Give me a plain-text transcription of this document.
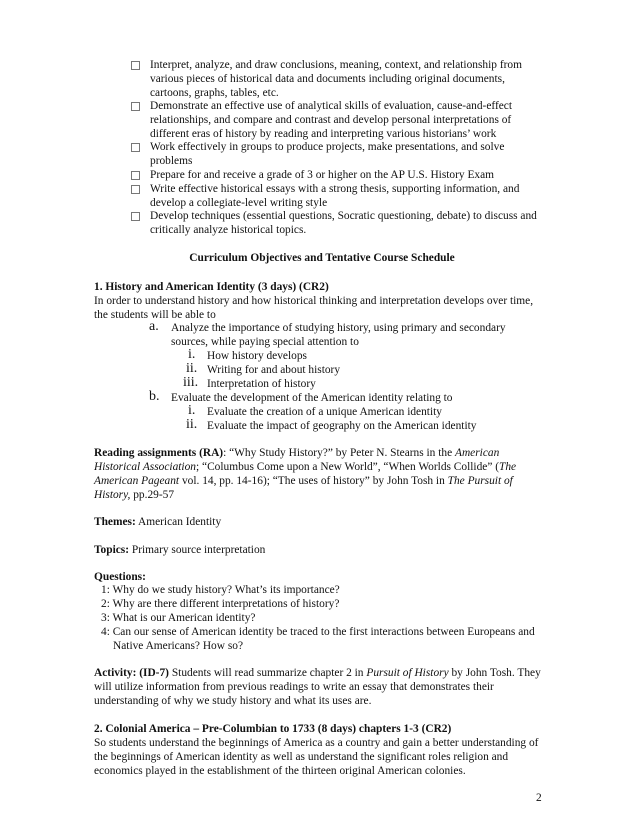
Interpret, analyze, and draw conclusions, meaning, context, and relationship from
various pieces of historical data and documents including original documents,
cartoons, graphs, tables, etc.
Demonstrate an effective use of analytical skills of evaluation, cause-and-effect
relationships, and compare and contrast and develop personal interpretations of
different eras of history by reading and interpreting various historians’ work
Work effectively in groups to produce projects, make presentations, and solve
problems
Prepare for and receive a grade of 3 or higher on the AP U.S. History Exam
Write effective historical essays with a strong thesis, supporting information, and
develop a collegiate-level writing style
Develop techniques (essential questions, Socratic questioning, debate) to discuss and
critically analyze historical topics.
Curriculum Objectives and Tentative Course Schedule
1. History and American Identity (3 days) (CR2)
In order to understand history and how historical thinking and interpretation develops over time,
the students will be able to
a. Analyze the importance of studying history, using primary and secondary
sources, while paying special attention to
i. How history develops
ii. Writing for and about history
iii. Interpretation of history
b. Evaluate the development of the American identity relating to
i. Evaluate the creation of a unique American identity
ii. Evaluate the impact of geography on the American identity
Reading assignments (RA): “Why Study History?” by Peter N. Stearns in the American
Historical Association; “Columbus Come upon a New World”, “When Worlds Collide” (The
American Pageant vol. 14, pp. 14-16); “The uses of history” by John Tosh in The Pursuit of
History, pp.29-57
Themes: American Identity
Topics: Primary source interpretation
Questions:
1: Why do we study history? What’s its importance?
2: Why are there different interpretations of history?
3: What is our American identity?
4: Can our sense of American identity be traced to the first interactions between Europeans and
Native Americans? How so?
Activity: (ID-7) Students will read summarize chapter 2 in Pursuit of History by John Tosh. They
will utilize information from previous readings to write an essay that demonstrates their
understanding of why we study history and what its uses are.
2. Colonial America – Pre-Columbian to 1733 (8 days) chapters 1-3 (CR2)
So students understand the beginnings of America as a country and gain a better understanding of
the beginnings of American identity as well as understand the significant roles religion and
economics played in the establishment of the thirteen original American colonies.
2
